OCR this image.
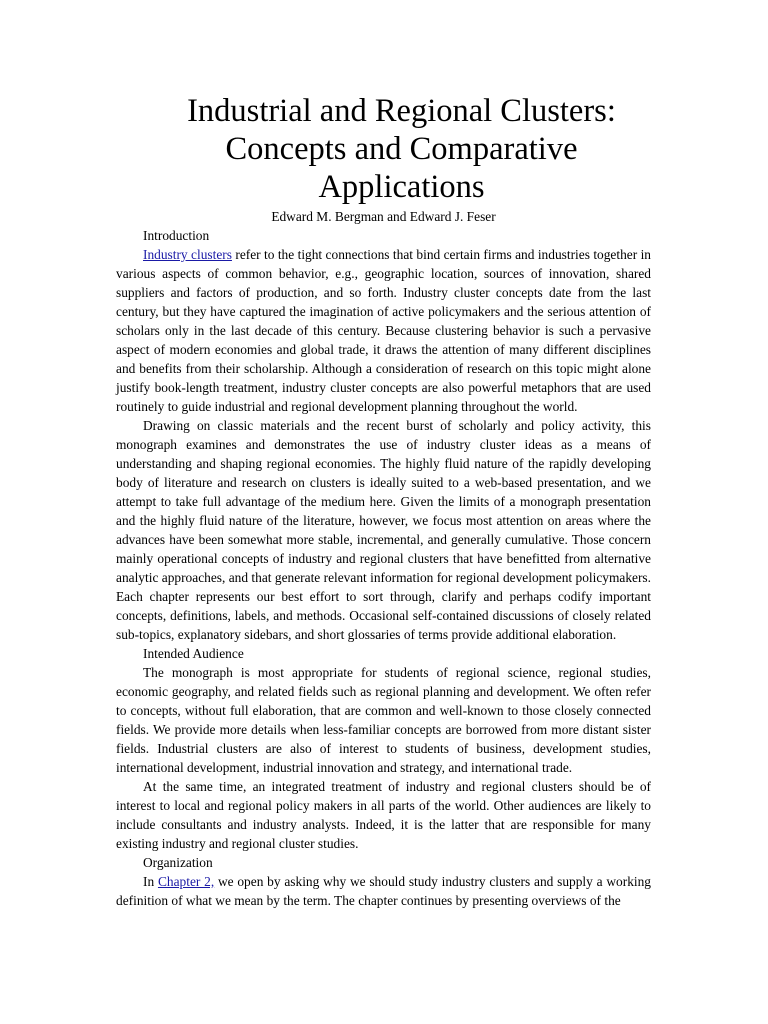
Industrial and Regional Clusters:
Concepts and Comparative
Applications

Edward M. Bergman and Edward J. Feser

Introduction

Industry clusters refer to the tight connections that bind certain firms and industries together in various aspects of common behavior, e.g., geographic location, sources of innovation, shared suppliers and factors of production, and so forth. Industry cluster concepts date from the last century, but they have captured the imagination of active policymakers and the serious attention of scholars only in the last decade of this century. Because clustering behavior is such a pervasive aspect of modern economies and global trade, it draws the attention of many different disciplines and benefits from their scholarship. Although a consideration of research on this topic might alone justify book-length treatment, industry cluster concepts are also powerful metaphors that are used routinely to guide industrial and regional development planning throughout the world.

Drawing on classic materials and the recent burst of scholarly and policy activity, this monograph examines and demonstrates the use of industry cluster ideas as a means of understanding and shaping regional economies. The highly fluid nature of the rapidly developing body of literature and research on clusters is ideally suited to a web-based presentation, and we attempt to take full advantage of the medium here. Given the limits of a monograph presentation and the highly fluid nature of the literature, however, we focus most attention on areas where the advances have been somewhat more stable, incremental, and generally cumulative. Those concern mainly operational concepts of industry and regional clusters that have benefitted from alternative analytic approaches, and that generate relevant information for regional development policymakers. Each chapter represents our best effort to sort through, clarify and perhaps codify important concepts, definitions, labels, and methods. Occasional self-contained discussions of closely related sub-topics, explanatory sidebars, and short glossaries of terms provide additional elaboration.

Intended Audience

The monograph is most appropriate for students of regional science, regional studies, economic geography, and related fields such as regional planning and development. We often refer to concepts, without full elaboration, that are common and well-known to those closely connected fields. We provide more details when less-familiar concepts are borrowed from more distant sister fields. Industrial clusters are also of interest to students of business, development studies, international development, industrial innovation and strategy, and international trade.

At the same time, an integrated treatment of industry and regional clusters should be of interest to local and regional policy makers in all parts of the world. Other audiences are likely to include consultants and industry analysts. Indeed, it is the latter that are responsible for many existing industry and regional cluster studies.

Organization

In Chapter 2, we open by asking why we should study industry clusters and supply a working definition of what we mean by the term. The chapter continues by presenting overviews of the
